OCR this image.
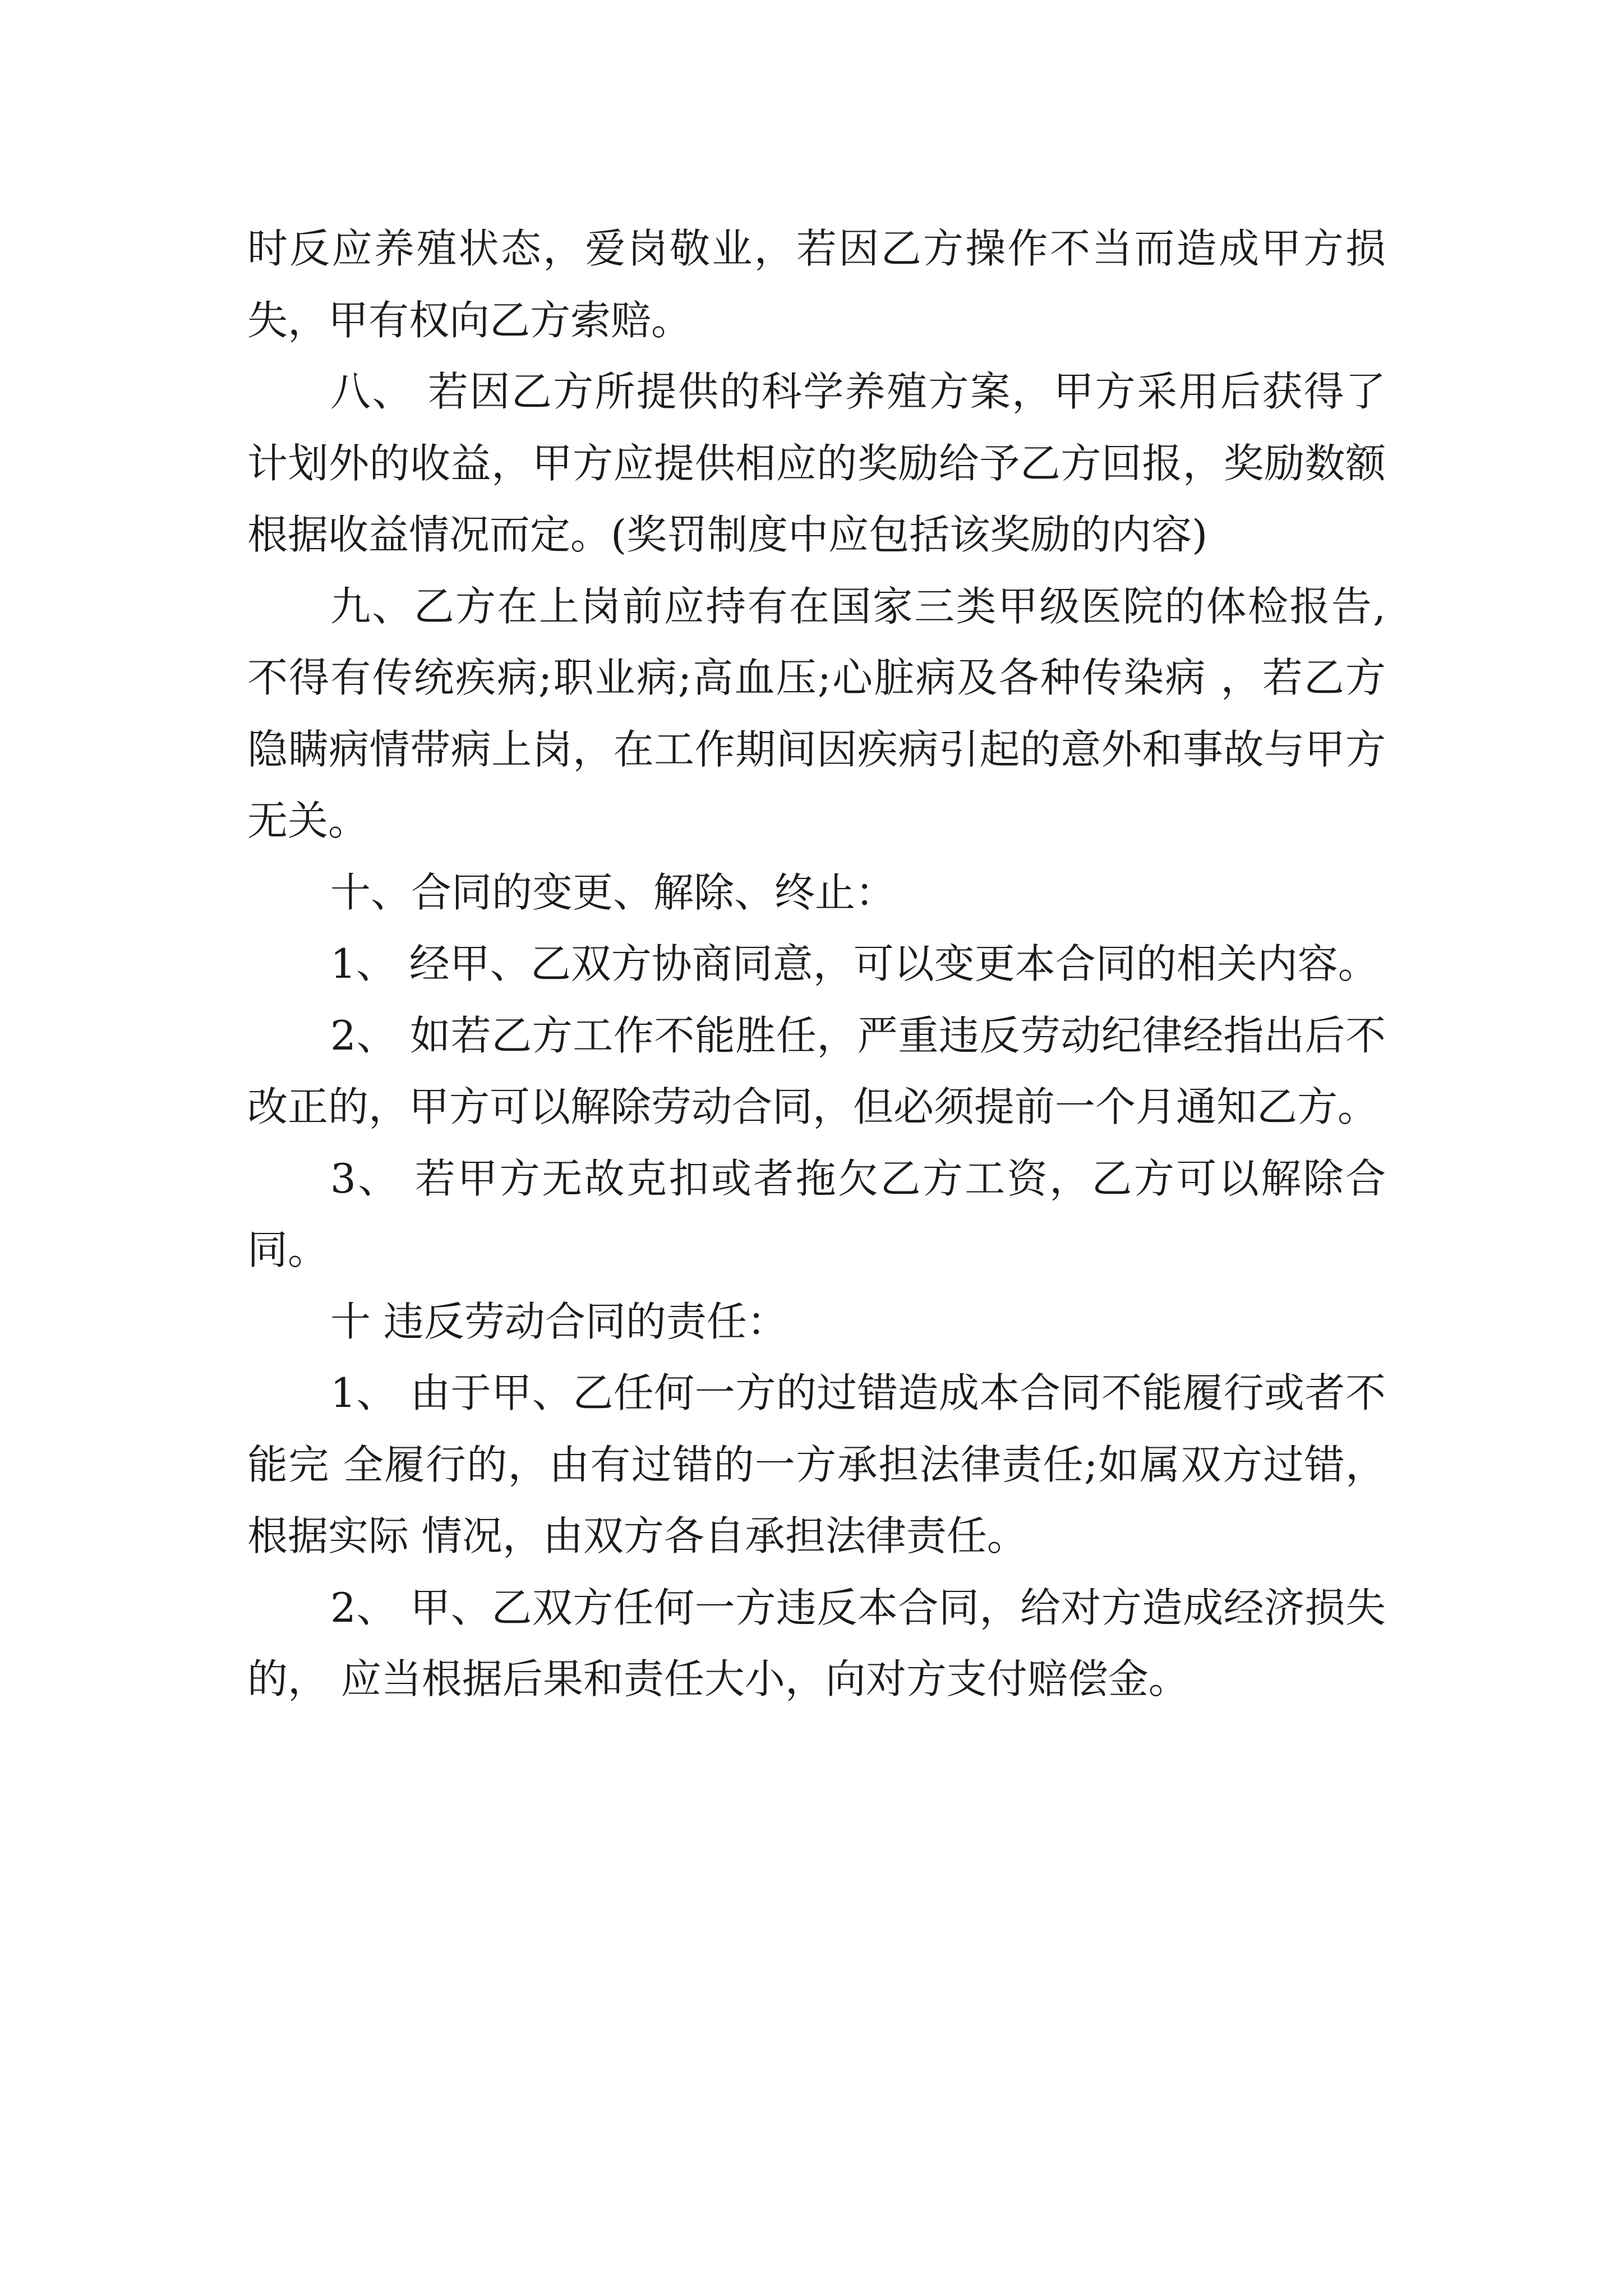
时反应养殖状态，爱岗敬业，若因乙方操作不当而造成甲方损失，甲有权向乙方索赔。

八、 若因乙方所提供的科学养殖方案，甲方采用后获得了计划外的收益，甲方应提供相应的奖励给予乙方回报，奖励数额根据收益情况而定。(奖罚制度中应包括该奖励的内容)

九、乙方在上岗前应持有在国家三类甲级医院的体检报告,不得有传统疾病;职业病;高血压;心脏病及各种传染病 ，若乙方隐瞒病情带病上岗，在工作期间因疾病引起的意外和事故与甲方无关。

十、合同的变更、解除、终止：

1、 经甲、乙双方协商同意，可以变更本合同的相关内容。

2、 如若乙方工作不能胜任，严重违反劳动纪律经指出后不改正的，甲方可以解除劳动合同，但必须提前一个月通知乙方。

3、 若甲方无故克扣或者拖欠乙方工资，乙方可以解除合同。

十 违反劳动合同的责任：

1、 由于甲、乙任何一方的过错造成本合同不能履行或者不能完 全履行的，由有过错的一方承担法律责任;如属双方过错，根据实际 情况，由双方各自承担法律责任。

2、 甲、乙双方任何一方违反本合同，给对方造成经济损失的， 应当根据后果和责任大小，向对方支付赔偿金。
